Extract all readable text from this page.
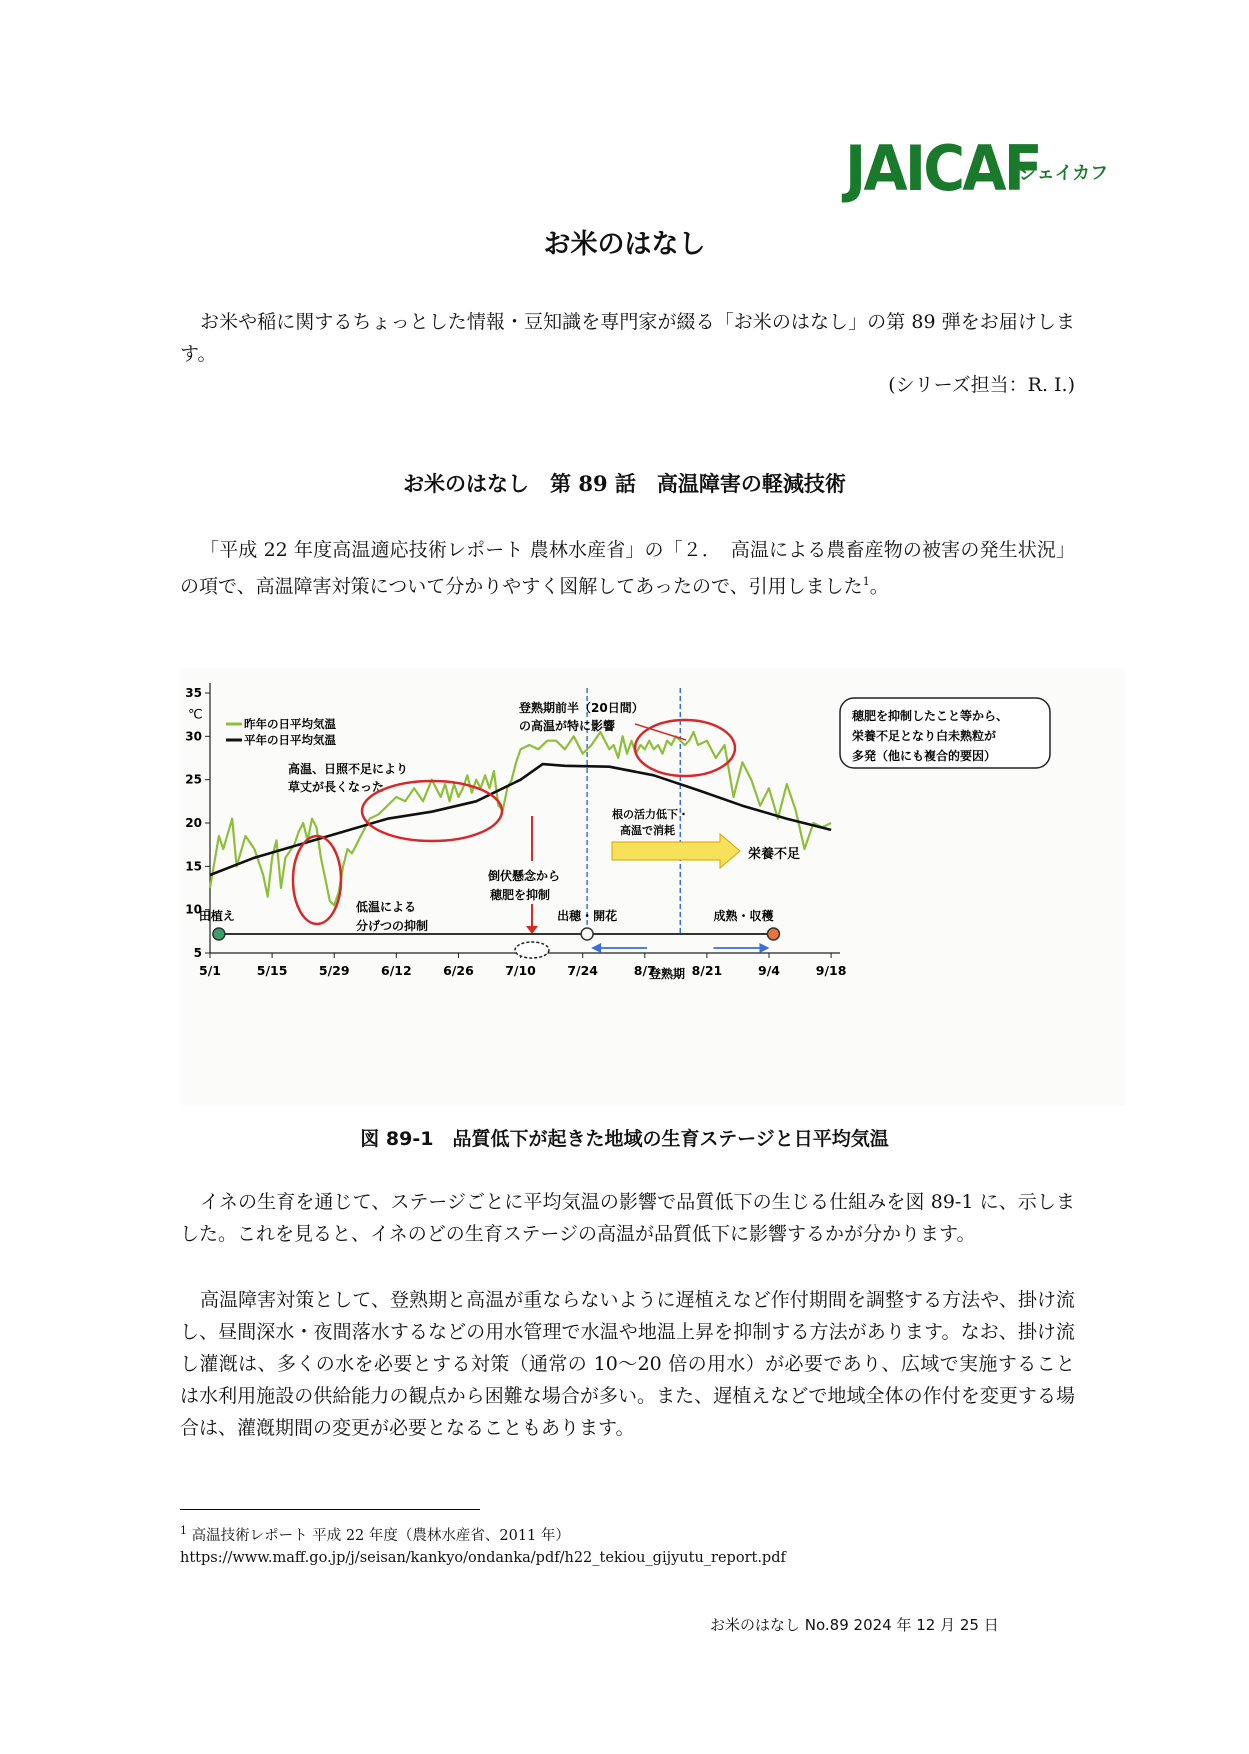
JAICAF
ジェイカフ
お米のはなし
お米や稲に関するちょっとした情報・豆知識を専門家が綴る「お米のはなし」の第 89 弾をお届けします。
(シリーズ担当：R. I.)
お米のはなし　第 89 話　高温障害の軽減技術
「平成 22 年度高温適応技術レポート 農林水産省」の「２．　高温による農畜産物の被害の発生状況」の項で、高温障害対策について分かりやすく図解してあったので、引用しました$^1$。
35
30
25
20
15
10
5
℃
5/1	5/15	5/29	6/12	6/26	7/10	7/24	8/7	8/21	9/4	9/18
昨年の日平均気温
平年の日平均気温
登熟期前半（20日間）
の高温が特に影響
穂肥を抑制したこと等から、
栄養不足となり白未熟粒が
多発（他にも複合的要因）
高温、日照不足により
草丈が長くなった
低温による
分げつの抑制
倒伏懸念から
穂肥を抑制
根の活力低下・
高温で消耗
栄養不足
田植え	出穂・開花	成熟・収穫
登熟期
図 89-1　品質低下が起きた地域の生育ステージと日平均気温
イネの生育を通じて、ステージごとに平均気温の影響で品質低下の生じる仕組みを図 89-1 に、示しました。これを見ると、イネのどの生育ステージの高温が品質低下に影響するかが分かります。
高温障害対策として、登熟期と高温が重ならないように遅植えなど作付期間を調整する方法や、掛け流し、昼間深水・夜間落水するなどの用水管理で水温や地温上昇を抑制する方法があります。なお、掛け流し灌漑は、多くの水を必要とする対策（通常の 10〜20 倍の用水）が必要であり、広域で実施することは水利用施設の供給能力の観点から困難な場合が多い。また、遅植えなどで地域全体の作付を変更する場合は、灌漑期間の変更が必要となることもあります。
$^1$ 高温技術レポート 平成 22 年度（農林水産省、2011 年）
https://www.maff.go.jp/j/seisan/kankyo/ondanka/pdf/h22_tekiou_gijyutu_report.pdf
お米のはなし No.89 2024 年 12 月 25 日
